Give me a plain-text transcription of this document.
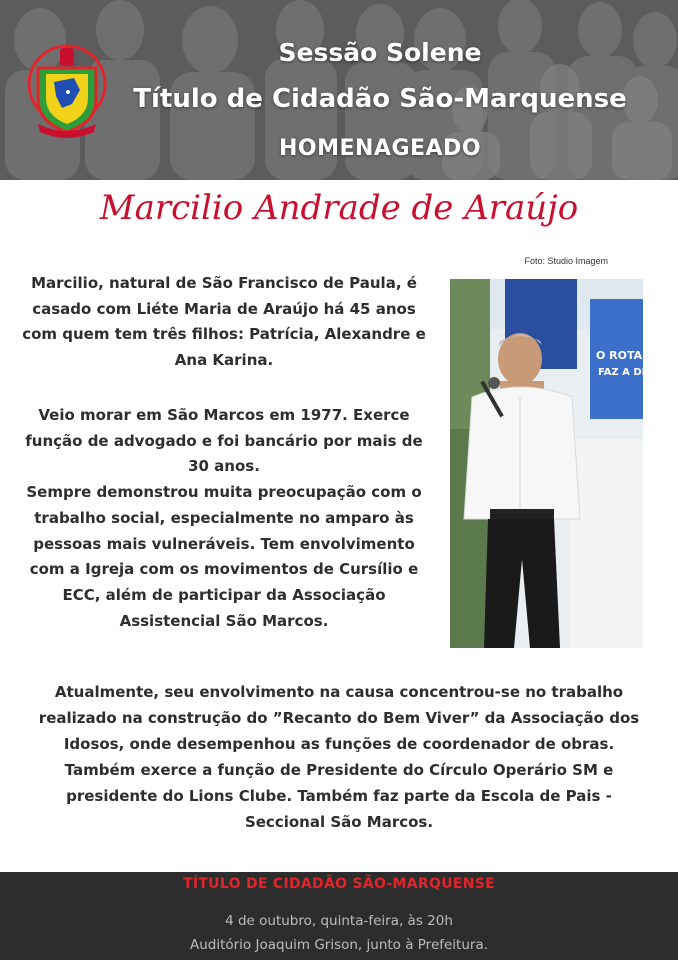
Sessão Solene
Título de Cidadão São-Marquense
HOMENAGEADO
Marcilio Andrade de Araújo
Foto: Studio Imagem
Marcilio, natural de São Francisco de Paula, é
casado com Liéte Maria de Araújo há 45 anos
com quem tem três filhos: Patrícia, Alexandre e
Ana Karina.
Veio morar em São Marcos em 1977. Exerce
função de advogado e foi bancário por mais de
30 anos.
Sempre demonstrou muita preocupação com o
trabalho social, especialmente no amparo às
pessoas mais vulneráveis. Tem envolvimento
com a Igreja com os movimentos de Cursílio e
ECC, além de participar da Associação
Assistencial São Marcos.
O ROTARY
FAZ A DI
Atualmente, seu envolvimento na causa concentrou-se no trabalho
realizado na construção do ”Recanto do Bem Viver” da Associação dos
Idosos, onde desempenhou as funções de coordenador de obras.
Também exerce a função de Presidente do Círculo Operário SM e
presidente do Lions Clube. Também faz parte da Escola de Pais -
Seccional São Marcos.
TÍTULO DE CIDADÃO SÃO-MARQUENSE
4 de outubro, quinta-feira, às 20h
Auditório Joaquim Grison, junto à Prefeitura.
